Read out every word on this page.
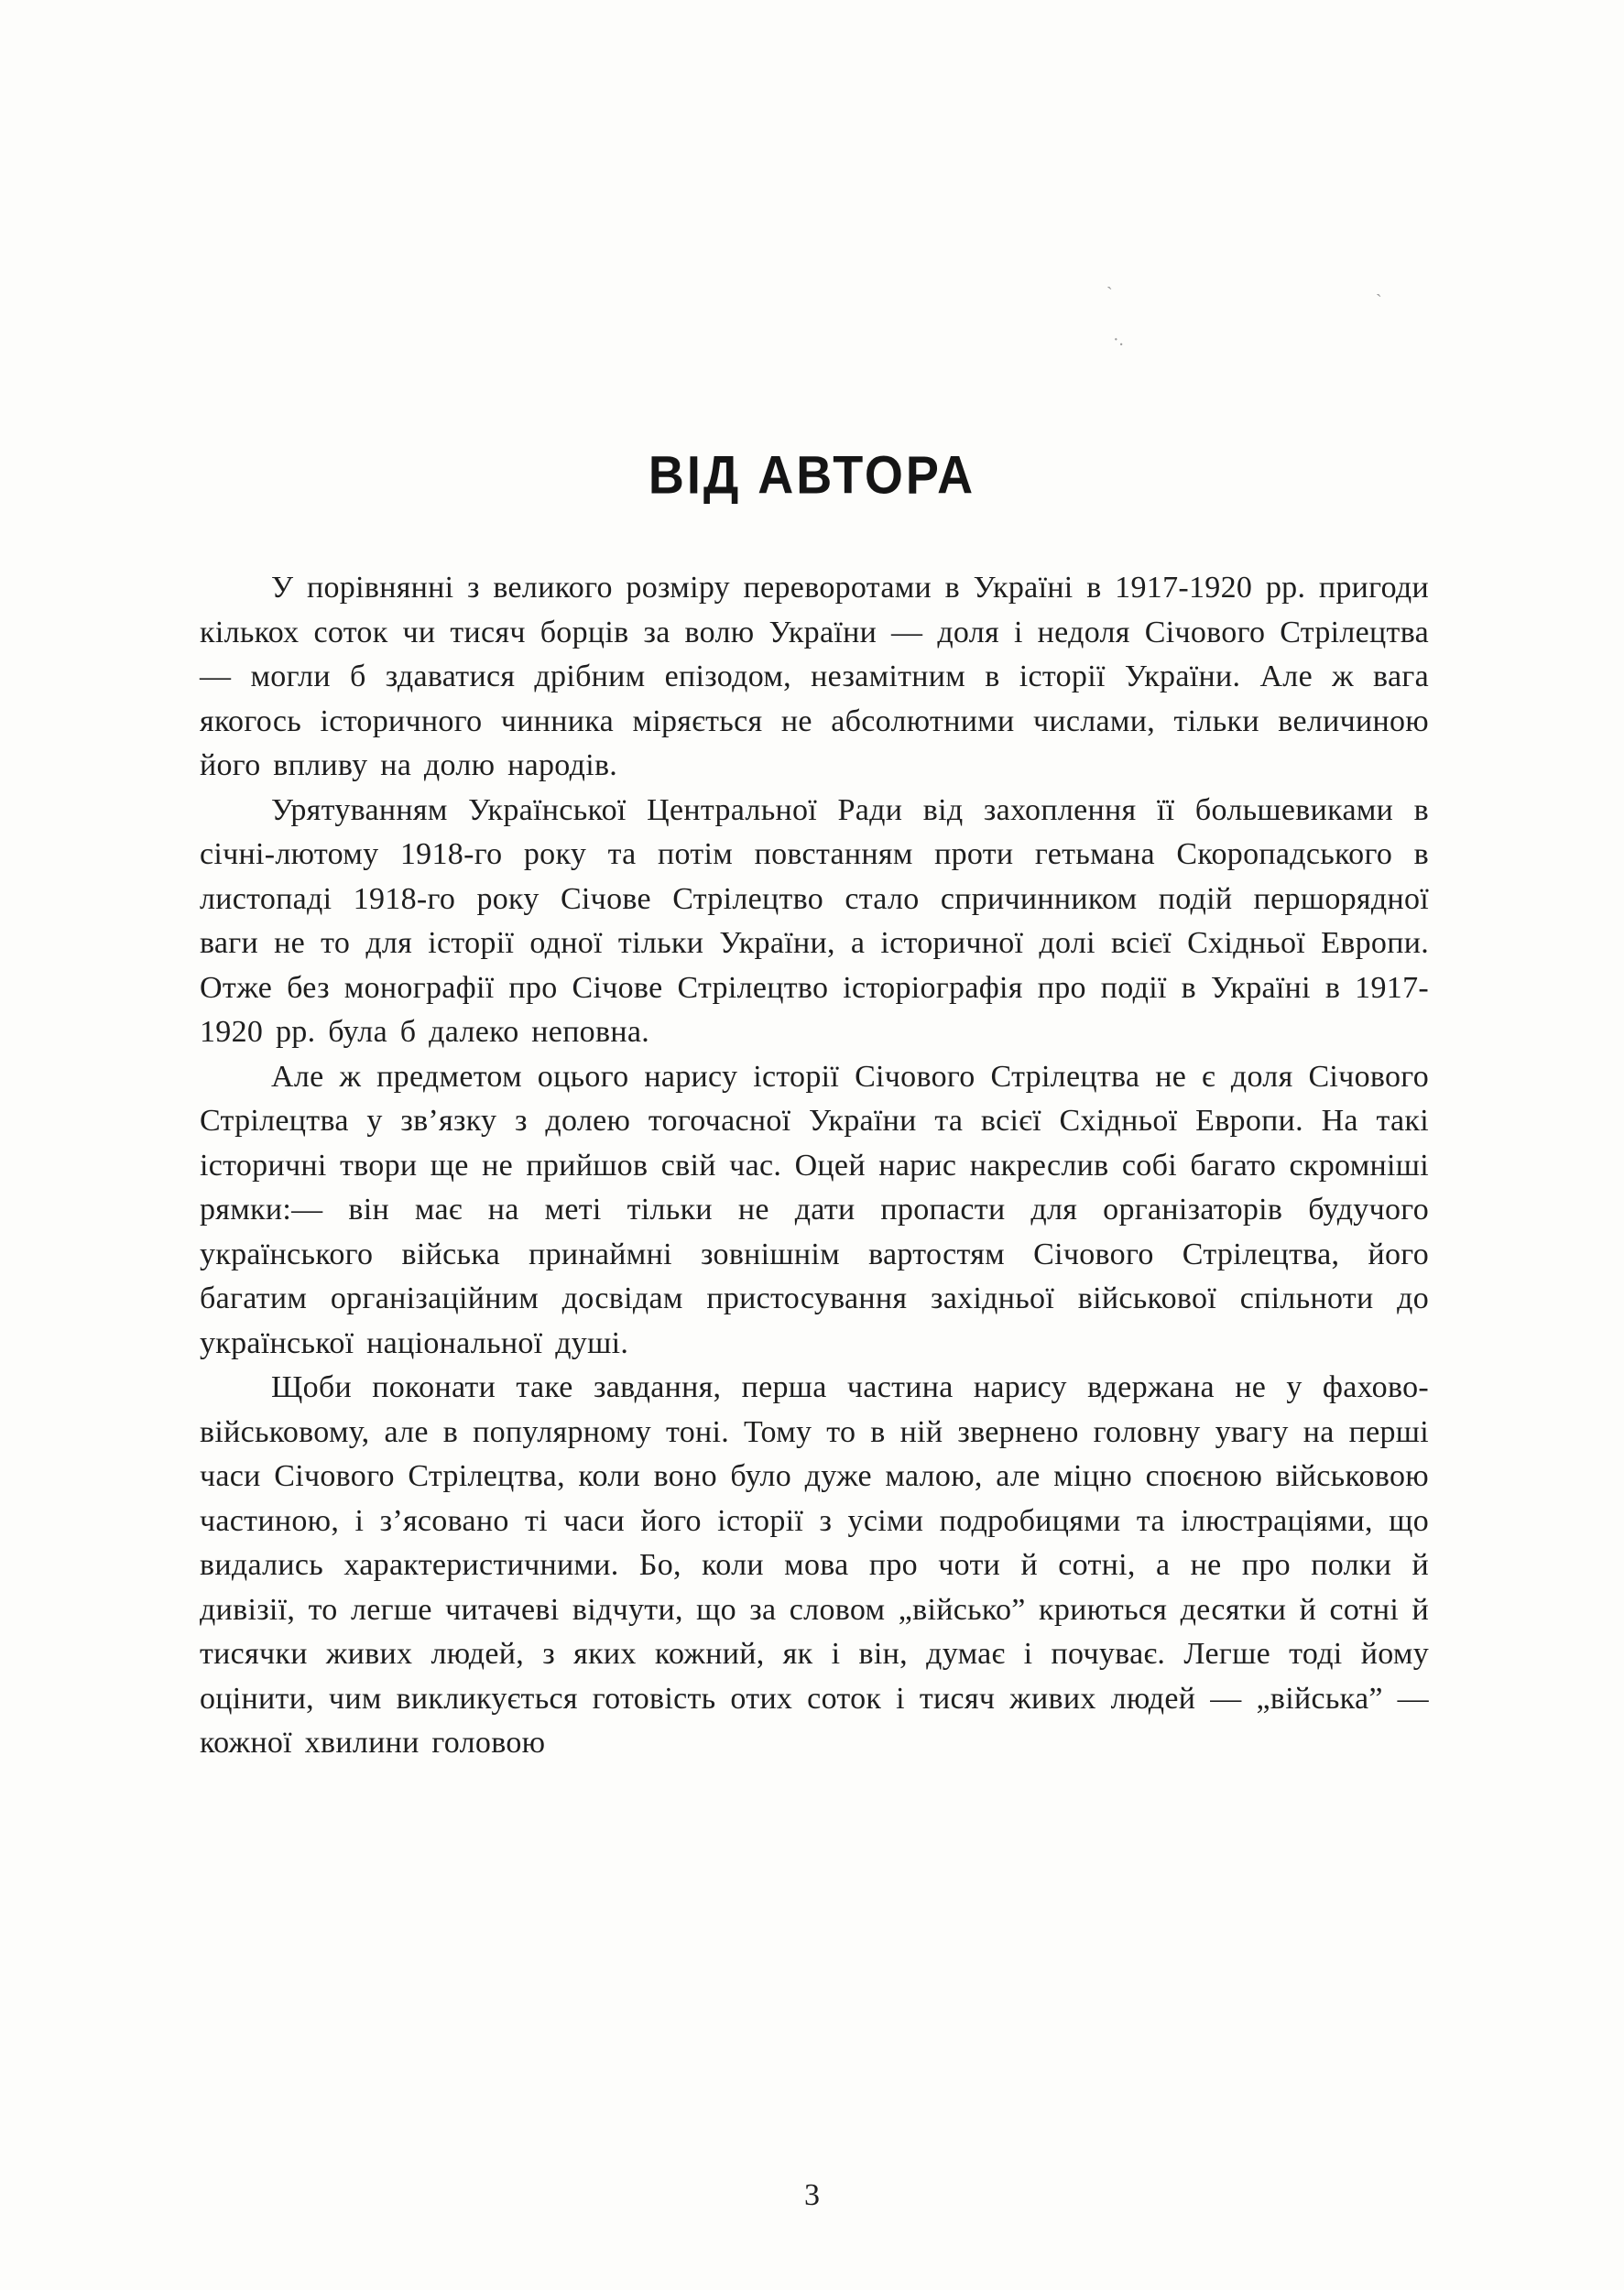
`	`
·.
ВІД АВТОРА

У порівнянні з великого розміру переворотами в Україні в 1917-1920 рр. пригоди кількох соток чи тисяч борців за волю України — доля і недоля Січового Стрілецтва — могли б здаватися дрібним епізодом, незамітним в історії України. Але ж вага якогось історичного чинника міряється не абсолютними числами, тільки величиною його впливу на долю народів.

Урятуванням Української Центральної Ради від захоплення її большевиками в січні-лютому 1918-го року та потім повстанням проти гетьмана Скоропадського в листопаді 1918-го року Січове Стрілецтво стало спричинником подій першорядної ваги не то для історії одної тільки України, а історичної долі всієї Східньої Европи. Отже без монографії про Січове Стрілецтво історіографія про події в Україні в 1917-1920 рр. була б далеко неповна.

Але ж предметом оцього нарису історії Січового Стрілецтва не є доля Січового Стрілецтва у зв’язку з долею тогочасної України та всієї Східньої Европи. На такі історичні твори ще не прийшов свій час. Оцей нарис накреслив собі багато скромніші рямки:— він має на меті тільки не дати пропасти для організаторів будучого українського війська принаймні зовнішнім вартостям Січового Стрілецтва, його багатим організаційним досвідам пристосування західньої військової спільноти до української національної душі.

Щоби поконати таке завдання, перша частина нарису вдержана не у фахово-військовому, але в популярному тоні. Тому то в ній звернено головну увагу на перші часи Січового Стрілецтва, коли воно було дуже малою, але міцно споєною військовою частиною, і з’ясовано ті часи його історії з усіми подробицями та ілюстраціями, що видались характеристичними. Бо, коли мова про чоти й сотні, а не про полки й дивізії, то легше читачеві відчути, що за словом „військо” криються десятки й сотні й тисячки живих людей, з яких кожний, як і він, думає і почуває. Легше тоді йому оцінити, чим викликується готовість отих соток і тисяч живих людей — „війська” — кожної хвилини головою

3
